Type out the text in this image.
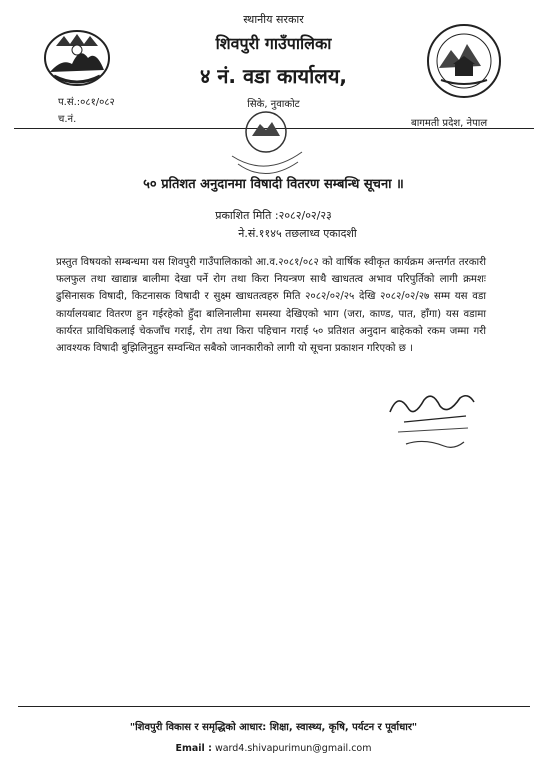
स्थानीय सरकार
शिवपुरी गाउँपालिका
४ नं. वडा कार्यालय,
सिके, नुवाकोट
प.सं.:०८१/०८२
च.नं.	बागमती प्रदेश, नेपाल
५० प्रतिशत अनुदानमा विषादी वितरण सम्बन्धि सूचना ॥
प्रकाशित मिति :२०८२/०२/२३
ने.सं.११४५ तछलाध्व एकादशी
प्रस्तुत विषयको सम्बन्धमा यस शिवपुरी गाउँपालिकाको आ.व.२०८१/०८२ को वार्षिक स्वीकृत कार्यक्रम अन्तर्गत तरकारी फलफुल तथा खाद्यान्न बालीमा देखा पर्ने रोग तथा किरा नियन्त्रण साथै खाधतत्व अभाव परिपुर्तिको लागी क्रमशः ढुसिनासक विषादी, किटनासक विषादी र सुक्ष्म खाधतत्वहरु मिति २०८२/०२/२५ देखि २०८२/०२/२७ सम्म यस वडा कार्यालयबाट वितरण हुन गईरहेको हुँदा बालिनालीमा समस्या देखिएको भाग (जरा, काण्ड, पात, हाँगा) यस वडामा कार्यरत प्राविधिकलाई चेकजाँच गराई, रोग तथा किरा पहिचान गराई ५० प्रतिशत अनुदान बाहेकको रकम जम्मा गरी आवश्यक विषादी बुझिलिनुहुन सम्वन्धित सबैको जानकारीको लागी यो सूचना प्रकाशन गरिएको छ ।
"शिवपुरी विकास र समृद्धिको आधार: शिक्षा, स्वास्थ्य, कृषि, पर्यटन र पूर्वाधार"
Email : ward4.shivapurimun@gmail.com
